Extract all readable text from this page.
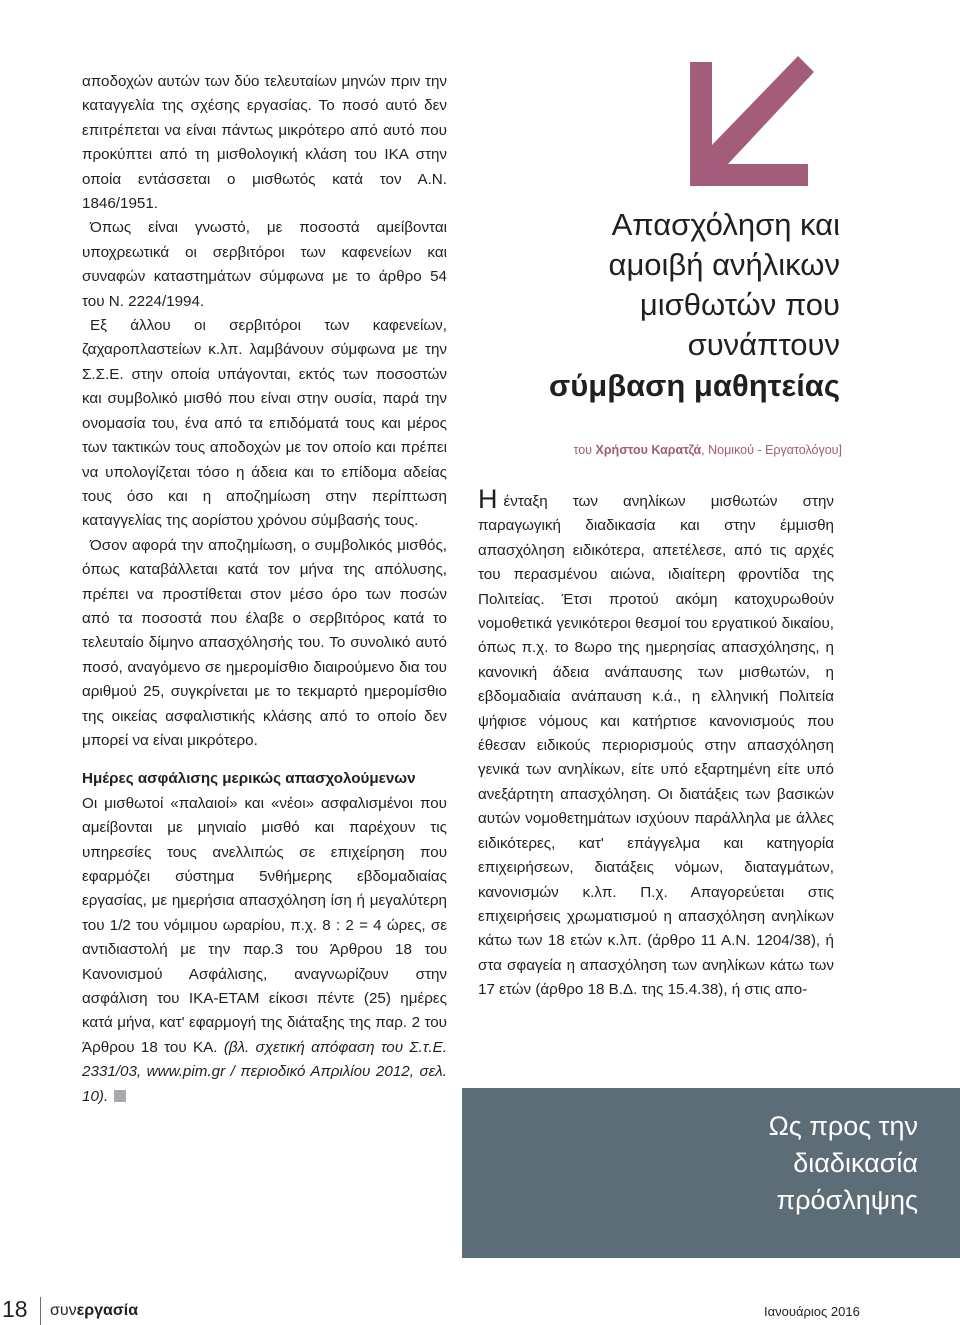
αποδοχών αυτών των δύο τελευταίων μηνών πριν την καταγγελία της σχέσης εργασίας. Το ποσό αυτό δεν επιτρέπεται να είναι πάντως μικρότερο από αυτό που προκύπτει από τη μισθολογική κλάση του ΙΚΑ στην οποία εντάσσεται ο μισθωτός κατά τον Α.Ν. 1846/1951.

Όπως είναι γνωστό, με ποσοστά αμείβονται υποχρεωτικά οι σερβιτόροι των καφενείων και συναφών καταστημάτων σύμφωνα με το άρθρο 54 του Ν. 2224/1994.

Εξ άλλου οι σερβιτόροι των καφενείων, ζαχαροπλαστείων κ.λπ. λαμβάνουν σύμφωνα με την Σ.Σ.Ε. στην οποία υπάγονται, εκτός των ποσοστών και συμβολικό μισθό που είναι στην ουσία, παρά την ονομασία του, ένα από τα επιδόματά τους και μέρος των τακτικών τους αποδοχών με τον οποίο και πρέπει να υπολογίζεται τόσο η άδεια και το επίδομα αδείας τους όσο και η αποζημίωση στην περίπτωση καταγγελίας της αορίστου χρόνου σύμβασής τους.

Όσον αφορά την αποζημίωση, ο συμβολικός μισθός, όπως καταβάλλεται κατά τον μήνα της απόλυσης, πρέπει να προστίθεται στον μέσο όρο των ποσών από τα ποσοστά που έλαβε ο σερβιτόρος κατά το τελευταίο δίμηνο απασχόλησής του. Το συνολικό αυτό ποσό, αναγόμενο σε ημερομίσθιο διαιρούμενο δια του αριθμού 25, συγκρίνεται με το τεκμαρτό ημερομίσθιο της οικείας ασφαλιστικής κλάσης από το οποίο δεν μπορεί να είναι μικρότερο.

Ημέρες ασφάλισης μερικώς απασχολούμενων

Οι μισθωτοί «παλαιοί» και «νέοι» ασφαλισμένοι που αμείβονται με μηνιαίο μισθό και παρέχουν τις υπηρεσίες τους ανελλιπώς σε επιχείρηση που εφαρμόζει σύστημα 5νθήμερης εβδομαδιαίας εργασίας, με ημερήσια απασχόληση ίση ή μεγαλύτερη του 1/2 του νόμιμου ωραρίου, π.χ. 8 : 2 = 4 ώρες, σε αντιδιαστολή με την παρ.3 του Άρθρου 18 του Κανονισμού Ασφάλισης, αναγνωρίζουν στην ασφάλιση του ΙΚΑ-ΕΤΑΜ είκοσι πέντε (25) ημέρες κατά μήνα, κατ' εφαρμογή της διάταξης της παρ. 2 του Άρθρου 18 του ΚΑ. (βλ. σχετική απόφαση του Σ.τ.Ε. 2331/03, www.pim.gr / περιοδικό Απριλίου 2012, σελ. 10).

Απασχόληση και
αμοιβή ανήλικων
μισθωτών που
συνάπτουν
σύμβαση μαθητείας
του Χρήστου Καρατζά, Νομικού - Εργατολόγου]

Ηένταξη των ανηλίκων μισθωτών στην παραγωγική διαδικασία και στην έμμισθη απασχόληση ειδικότερα, απετέλεσε, από τις αρχές του περασμένου αιώνα, ιδιαίτερη φροντίδα της Πολιτείας. Έτσι προτού ακόμη κατοχυρωθούν νομοθετικά γενικότεροι θεσμοί του εργατικού δικαίου, όπως π.χ. το 8ωρο της ημερησίας απασχόλησης, η κανονική άδεια ανάπαυσης των μισθωτών, η εβδομαδιαία ανάπαυση κ.ά., η ελληνική Πολιτεία ψήφισε νόμους και κατήρτισε κανονισμούς που έθεσαν ειδικούς περιορισμούς στην απασχόληση γενικά των ανηλίκων, είτε υπό εξαρτημένη είτε υπό ανεξάρτητη απασχόληση. Οι διατάξεις των βασικών αυτών νομοθετημάτων ισχύουν παράλληλα με άλλες ειδικότερες, κατ' επάγγελμα και κατηγορία επιχειρήσεων, διατάξεις νόμων, διαταγμάτων, κανονισμών κ.λπ. Π.χ. Απαγορεύεται στις επιχειρήσεις χρωματισμού η απασχόληση ανηλίκων κάτω των 18 ετών κ.λπ. (άρθρο 11 Α.Ν. 1204/38), ή στα σφαγεία η απασχόληση των ανηλίκων κάτω των 17 ετών (άρθρο 18 Β.Δ. της 15.4.38), ή στις απο-

Ως προς την
διαδικασία
πρόσληψης
18 συνεργασία	Ιανουάριος 2016
